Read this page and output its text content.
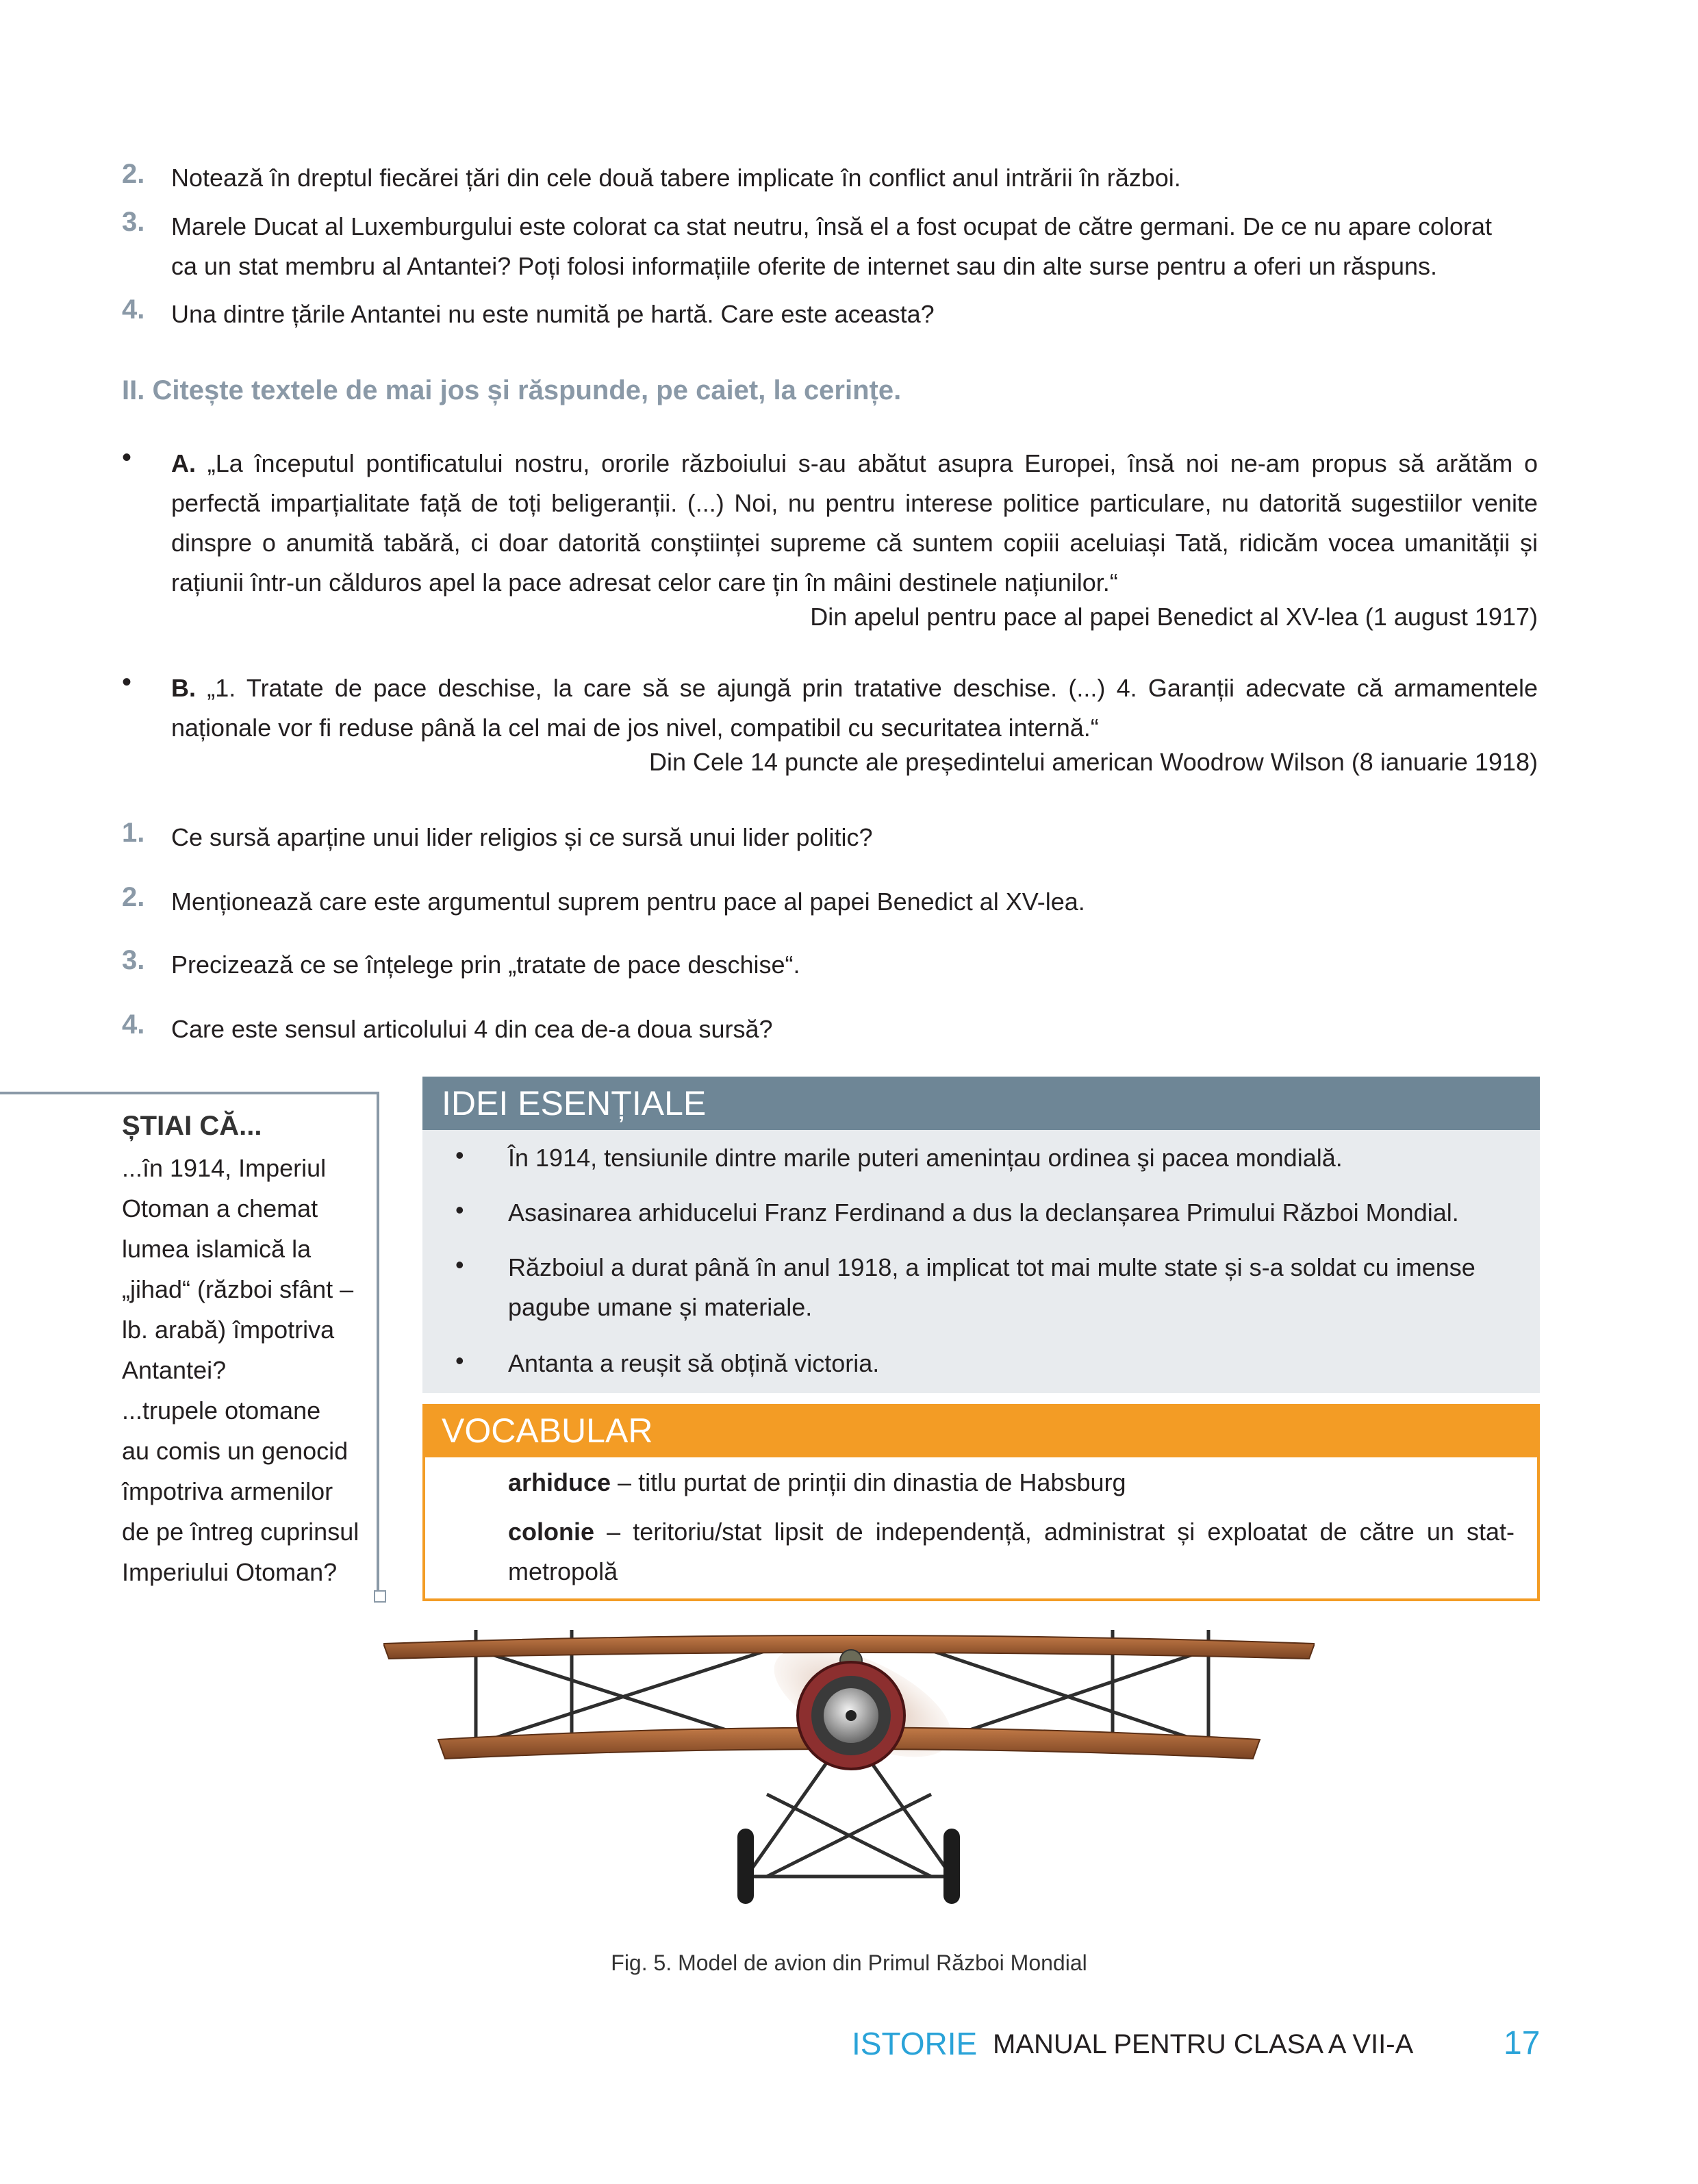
2. Notează în dreptul fiecărei țări din cele două tabere implicate în conflict anul intrării în război.
3. Marele Ducat al Luxemburgului este colorat ca stat neutru, însă el a fost ocupat de către germani. De ce nu apare colorat
ca un stat membru al Antantei? Poți folosi informațiile oferite de internet sau din alte surse pentru a oferi un răspuns.
4. Una dintre țările Antantei nu este numită pe hartă. Care este aceasta?
II. Citește textele de mai jos și răspunde, pe caiet, la cerințe.
• A. „La începutul pontificatului nostru, ororile războiului s-au abătut asupra Europei, însă noi ne-am propus să arătăm o perfectă imparțialitate față de toți beligeranții. (...) Noi, nu pentru interese politice particulare, nu datorită sugestiilor venite dinspre o anumită tabără, ci doar datorită conștiinței supreme că suntem copiii aceluiași Tată, ridicăm vocea umanității și rațiunii într-un călduros apel la pace adresat celor care țin în mâini destinele națiunilor.“
Din apelul pentru pace al papei Benedict al XV-lea (1 august 1917)
• B. „1. Tratate de pace deschise, la care să se ajungă prin tratative deschise. (...) 4. Garanții adecvate că armamentele naționale vor fi reduse până la cel mai de jos nivel, compatibil cu securitatea internă.“
Din Cele 14 puncte ale președintelui american Woodrow Wilson (8 ianuarie 1918)
1. Ce sursă aparține unui lider religios și ce sursă unui lider politic?
2. Menționează care este argumentul suprem pentru pace al papei Benedict al XV-lea.
3. Precizează ce se înțelege prin „tratate de pace deschise“.
4. Care este sensul articolului 4 din cea de-a doua sursă?
ȘTIAI CĂ...
...în 1914, Imperiul
Otoman a chemat
lumea islamică la
„jihad“ (război sfânt –
lb. arabă) împotriva
Antantei?
...trupele otomane
au comis un genocid
împotriva armenilor
de pe întreg cuprinsul
Imperiului Otoman?
IDEI ESENȚIALE
• În 1914, tensiunile dintre marile puteri amenințau ordinea şi pacea mondială.
• Asasinarea arhiducelui Franz Ferdinand a dus la declanșarea Primului Război Mondial.
• Războiul a durat până în anul 1918, a implicat tot mai multe state și s-a soldat cu imense pagube umane și materiale.
• Antanta a reușit să obțină victoria.
VOCABULAR
arhiduce – titlu purtat de prinții din dinastia de Habsburg
colonie – teritoriu/stat lipsit de independență, administrat și exploatat de către un stat-metropolă
Fig. 5. Model de avion din Primul Război Mondial
ISTORIE MANUAL PENTRU CLASA A VII-A	17
